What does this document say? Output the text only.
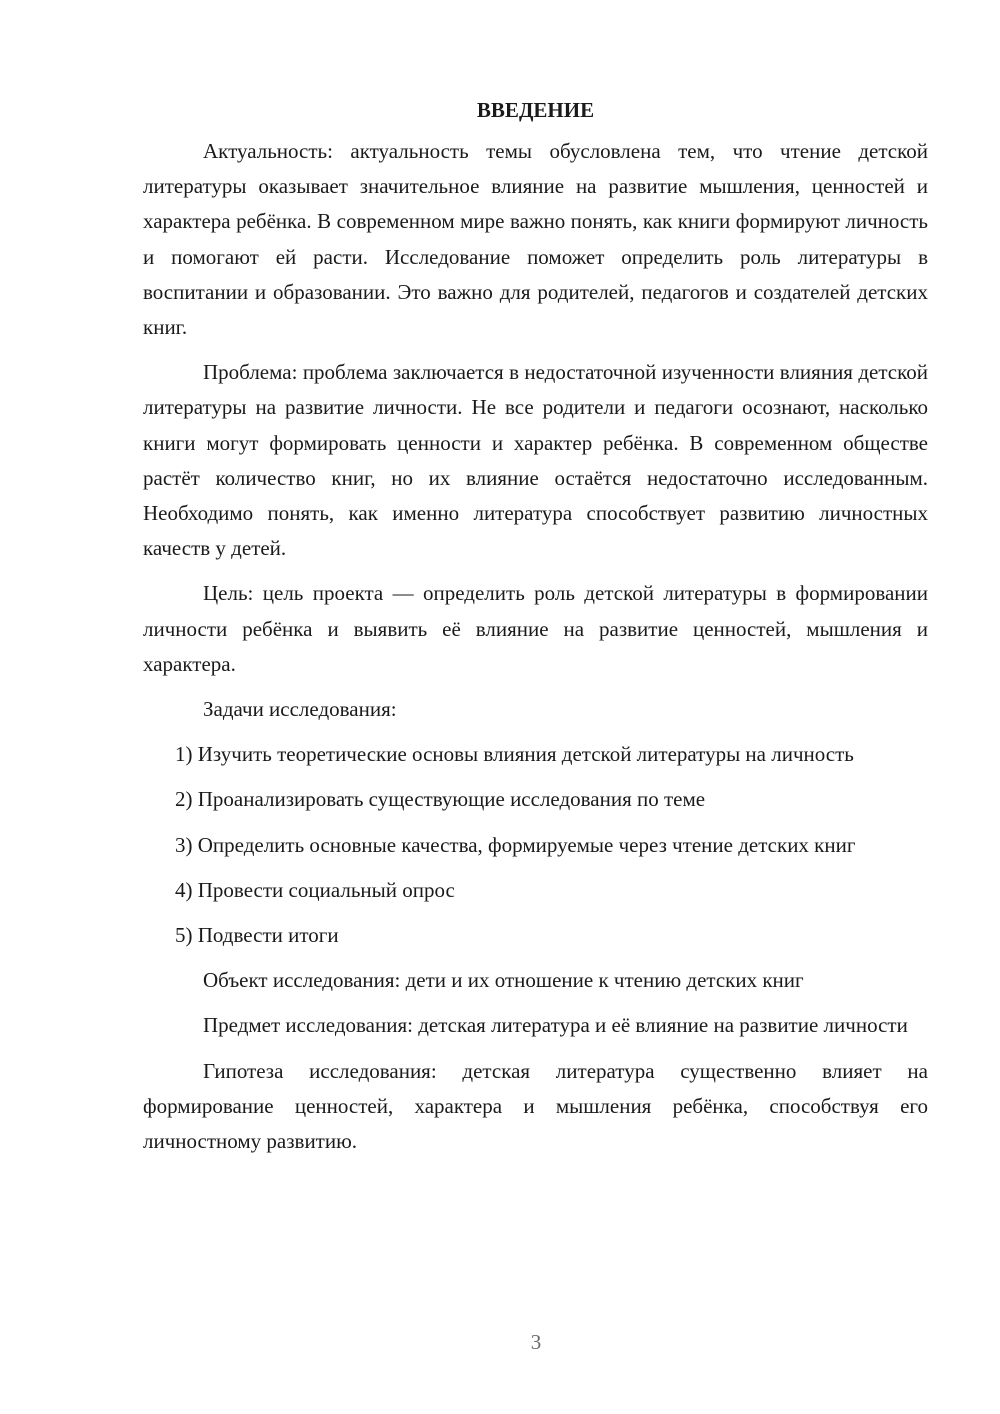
ВВЕДЕНИЕ

Актуальность: актуальность темы обусловлена тем, что чтение детской литературы оказывает значительное влияние на развитие мышления, ценностей и характера ребёнка. В современном мире важно понять, как книги формируют личность и помогают ей расти. Исследование поможет определить роль литературы в воспитании и образовании. Это важно для родителей, педагогов и создателей детских книг.

Проблема: проблема заключается в недостаточной изученности влияния детской литературы на развитие личности. Не все родители и педагоги осознают, насколько книги могут формировать ценности и характер ребёнка. В современном обществе растёт количество книг, но их влияние остаётся недостаточно исследованным. Необходимо понять, как именно литература способствует развитию личностных качеств у детей.

Цель: цель проекта — определить роль детской литературы в формировании личности ребёнка и выявить её влияние на развитие ценностей, мышления и характера.

Задачи исследования:

1) Изучить теоретические основы влияния детской литературы на личность

2) Проанализировать существующие исследования по теме

3) Определить основные качества, формируемые через чтение детских книг

4) Провести социальный опрос

5) Подвести итоги

Объект исследования: дети и их отношение к чтению детских книг

Предмет исследования: детская литература и её влияние на развитие личности

Гипотеза исследования: детская литература существенно влияет на формирование ценностей, характера и мышления ребёнка, способствуя его личностному развитию.

3
